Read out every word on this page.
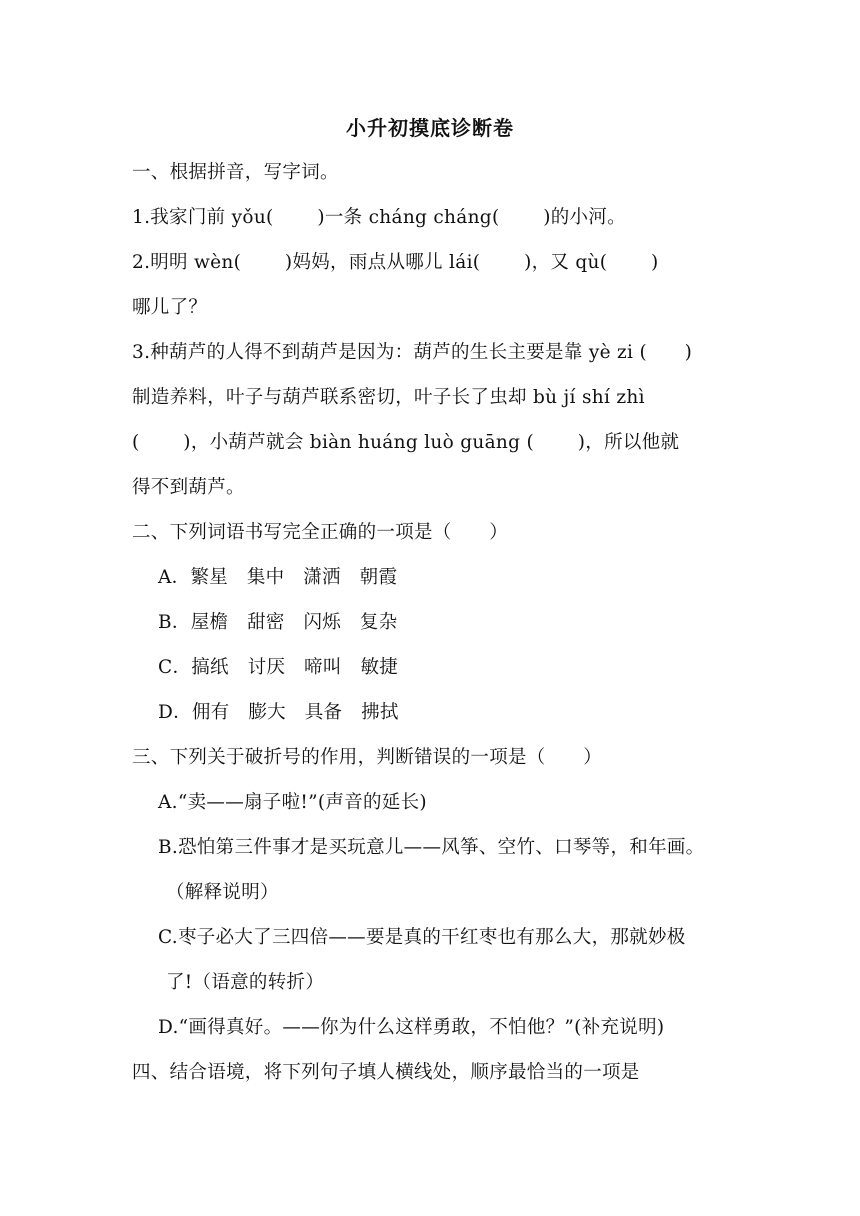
小升初摸底诊断卷
一、根据拼音，写字词。
1.我家门前 yǒu(　　 )一条 cháng cháng(　　 )的小河。
2.明明 wèn(　　 )妈妈，雨点从哪儿 lái(　　 )，又 qù(　　 )
哪儿了？
3.种葫芦的人得不到葫芦是因为：葫芦的生长主要是靠 yè zi (　　)
制造养料，叶子与葫芦联系密切，叶子长了虫却 bù jí shí zhì
(　　 )，小葫芦就会 biàn huáng luò guāng (　　 )，所以他就
得不到葫芦。
二、下列词语书写完全正确的一项是（　　）
A．繁星　集中　潇洒　朝霞
B．屋檐　甜密　闪烁　复杂
C．搞纸　讨厌　啼叫　敏捷
D．佣有　膨大　具备　拂拭
三、下列关于破折号的作用，判断错误的一项是（　　）
A.“卖——扇子啦!”(声音的延长)
B.恐怕第三件事才是买玩意儿——风筝、空竹、口琴等，和年画。
（解释说明）
C.枣子必大了三四倍——要是真的干红枣也有那么大，那就妙极
了!（语意的转折）
D.“画得真好。——你为什么这样勇敢，不怕他？”(补充说明)
四、结合语境，将下列句子填人横线处，顺序最恰当的一项是
